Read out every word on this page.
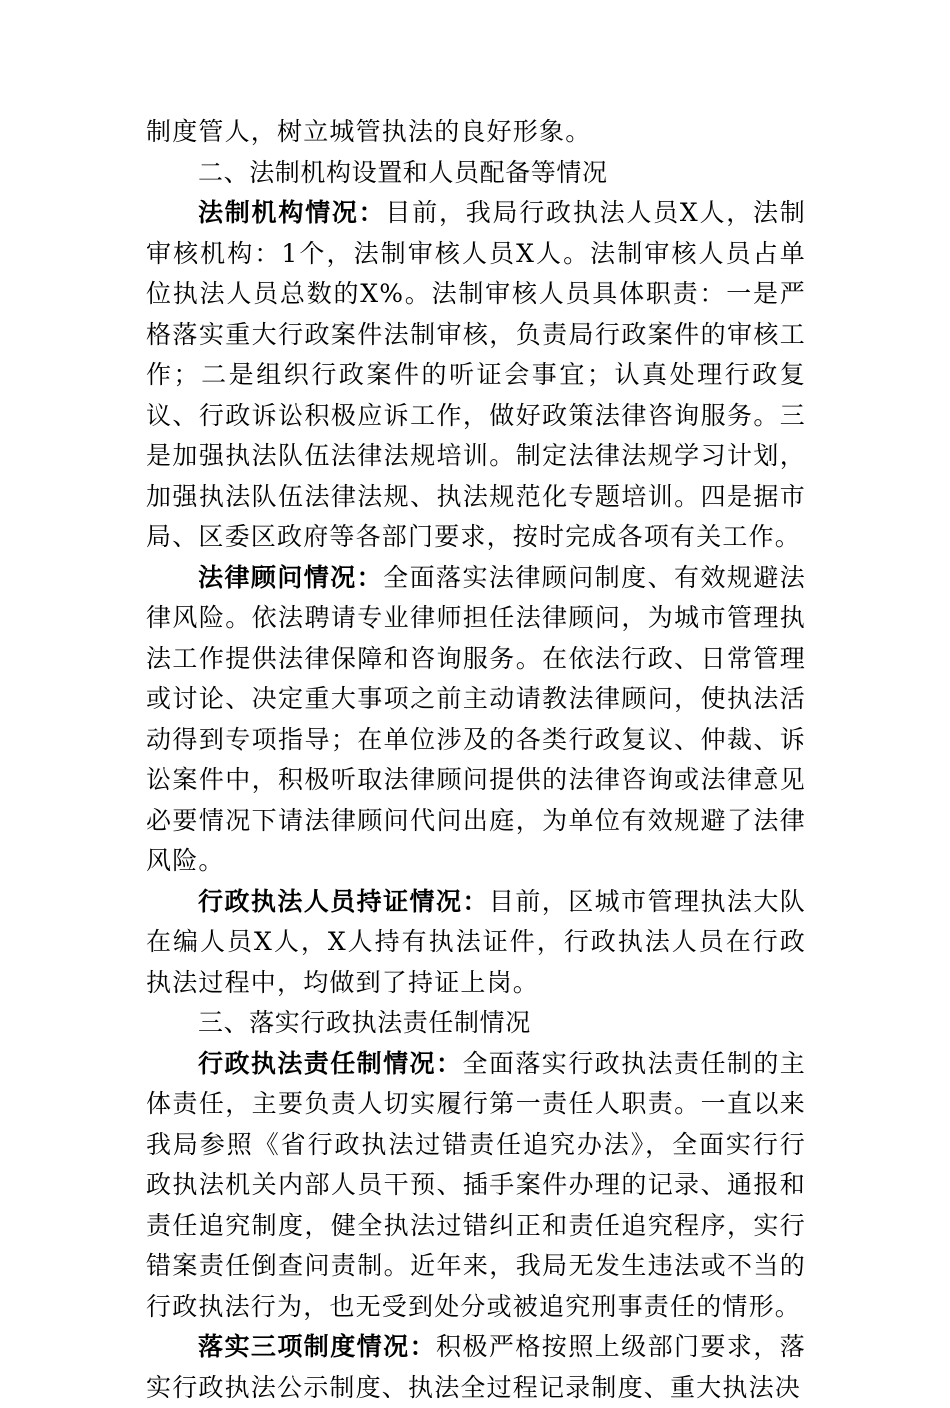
制度管人，树立城管执法的良好形象。

二、法制机构设置和人员配备等情况

法制机构情况：目前，我局行政执法人员X人，法制审核机构：1个，法制审核人员X人。法制审核人员占单位执法人员总数的X%。法制审核人员具体职责：一是严格落实重大行政案件法制审核，负责局行政案件的审核工作；二是组织行政案件的听证会事宜；认真处理行政复议、行政诉讼积极应诉工作，做好政策法律咨询服务。三是加强执法队伍法律法规培训。制定法律法规学习计划，加强执法队伍法律法规、执法规范化专题培训。四是据市局、区委区政府等各部门要求，按时完成各项有关工作。

法律顾问情况：全面落实法律顾问制度、有效规避法律风险。依法聘请专业律师担任法律顾问，为城市管理执法工作提供法律保障和咨询服务。在依法行政、日常管理或讨论、决定重大事项之前主动请教法律顾问，使执法活动得到专项指导；在单位涉及的各类行政复议、仲裁、诉讼案件中，积极听取法律顾问提供的法律咨询或法律意见必要情况下请法律顾问代问出庭，为单位有效规避了法律风险。

行政执法人员持证情况：目前，区城市管理执法大队在编人员X人，X人持有执法证件，行政执法人员在行政执法过程中，均做到了持证上岗。

三、落实行政执法责任制情况

行政执法责任制情况：全面落实行政执法责任制的主体责任，主要负责人切实履行第一责任人职责。一直以来我局参照《省行政执法过错责任追究办法》，全面实行行政执法机关内部人员干预、插手案件办理的记录、通报和责任追究制度，健全执法过错纠正和责任追究程序，实行错案责任倒查问责制。近年来，我局无发生违法或不当的行政执法行为，也无受到处分或被追究刑事责任的情形。

落实三项制度情况：积极严格按照上级部门要求，落实行政执法公示制度、执法全过程记录制度、重大执法决
